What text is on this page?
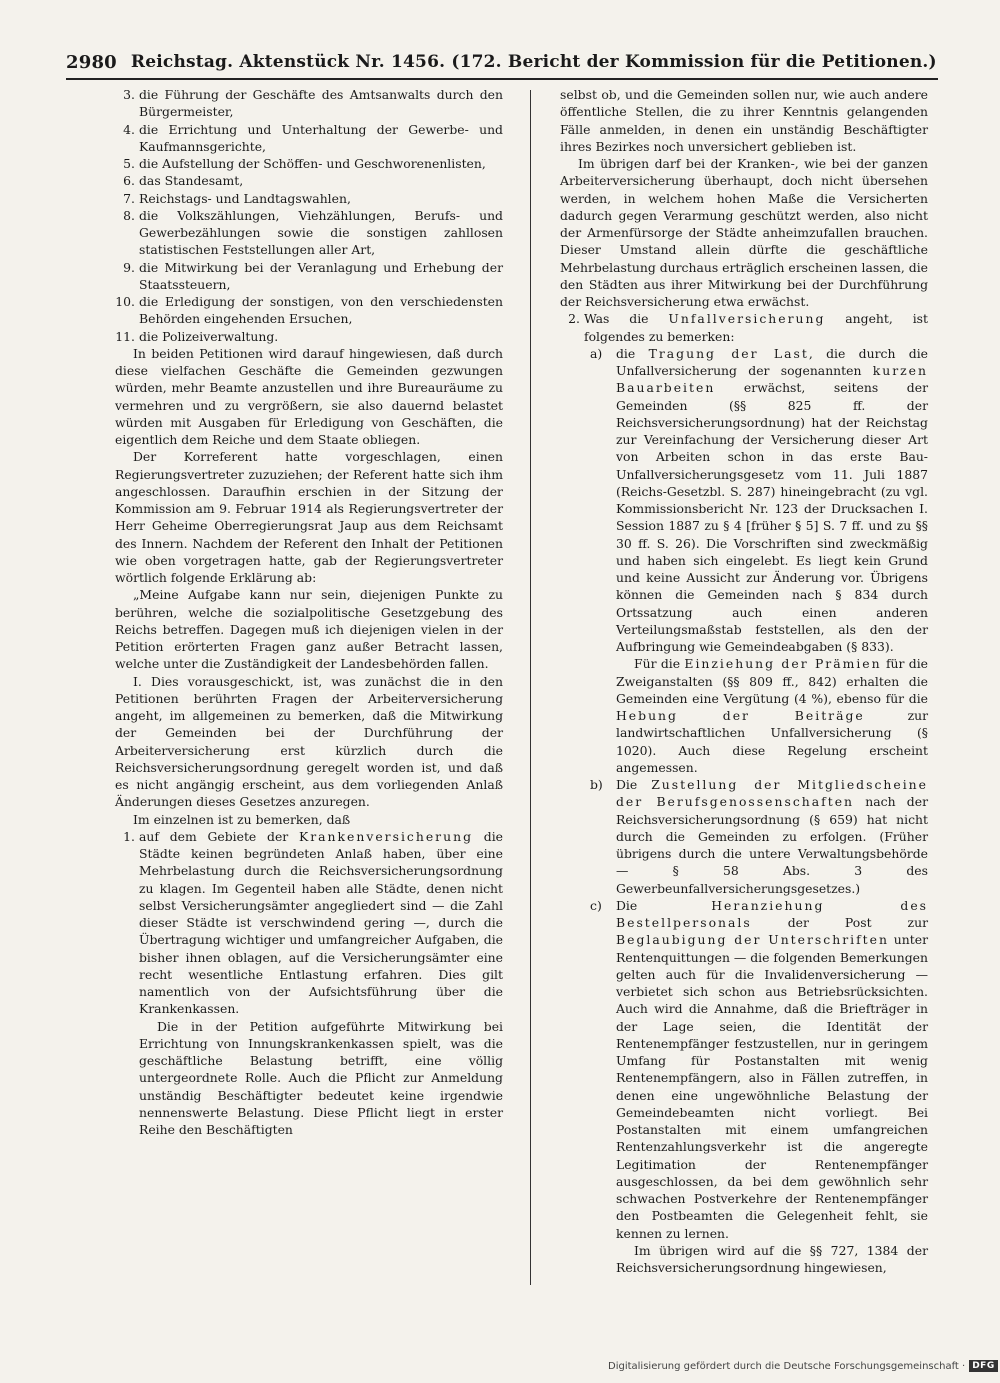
2980 Reichstag. Aktenstück Nr. 1456. (172. Bericht der Kommission für die Petitionen.)

3. die Führung der Geschäfte des Amtsanwalts durch den Bürgermeister,

4. die Errichtung und Unterhaltung der Gewerbe- und Kaufmannsgerichte,

5. die Aufstellung der Schöffen- und Geschworenenlisten,

6. das Standesamt,

7. Reichstags- und Landtagswahlen,

8. die Volkszählungen, Viehzählungen, Berufs- und Gewerbezählungen sowie die sonstigen zahllosen statistischen Feststellungen aller Art,

9. die Mitwirkung bei der Veranlagung und Erhebung der Staatssteuern,

10. die Erledigung der sonstigen, von den verschiedensten Behörden eingehenden Ersuchen,

11. die Polizeiverwaltung.

In beiden Petitionen wird darauf hingewiesen, daß durch diese vielfachen Geschäfte die Gemeinden gezwungen würden, mehr Beamte anzustellen und ihre Bureauräume zu vermehren und zu vergrößern, sie also dauernd belastet würden mit Ausgaben für Erledigung von Geschäften, die eigentlich dem Reiche und dem Staate obliegen.

Der Korreferent hatte vorgeschlagen, einen Regierungsvertreter zuzuziehen; der Referent hatte sich ihm angeschlossen. Daraufhin erschien in der Sitzung der Kommission am 9. Februar 1914 als Regierungsvertreter der Herr Geheime Oberregierungsrat Jaup aus dem Reichsamt des Innern. Nachdem der Referent den Inhalt der Petitionen wie oben vorgetragen hatte, gab der Regierungsvertreter wörtlich folgende Erklärung ab:

„Meine Aufgabe kann nur sein, diejenigen Punkte zu berühren, welche die sozialpolitische Gesetzgebung des Reichs betreffen. Dagegen muß ich diejenigen vielen in der Petition erörterten Fragen ganz außer Betracht lassen, welche unter die Zuständigkeit der Landesbehörden fallen.

I. Dies vorausgeschickt, ist, was zunächst die in den Petitionen berührten Fragen der Arbeiterversicherung angeht, im allgemeinen zu bemerken, daß die Mitwirkung der Gemeinden bei der Durchführung der Arbeiterversicherung erst kürzlich durch die Reichsversicherungsordnung geregelt worden ist, und daß es nicht angängig erscheint, aus dem vorliegenden Anlaß Änderungen dieses Gesetzes anzuregen.

Im einzelnen ist zu bemerken, daß

1. auf dem Gebiete der Krankenversicherung die Städte keinen begründeten Anlaß haben, über eine Mehrbelastung durch die Reichsversicherungsordnung zu klagen. Im Gegenteil haben alle Städte, denen nicht selbst Versicherungsämter angegliedert sind — die Zahl dieser Städte ist verschwindend gering —, durch die Übertragung wichtiger und umfangreicher Aufgaben, die bisher ihnen oblagen, auf die Versicherungsämter eine recht wesentliche Entlastung erfahren. Dies gilt namentlich von der Aufsichtsführung über die Krankenkassen.

Die in der Petition aufgeführte Mitwirkung bei Errichtung von Innungskrankenkassen spielt, was die geschäftliche Belastung betrifft, eine völlig untergeordnete Rolle. Auch die Pflicht zur Anmeldung unständig Beschäftigter bedeutet keine irgendwie nennenswerte Belastung. Diese Pflicht liegt in erster Reihe den Beschäftigten

selbst ob, und die Gemeinden sollen nur, wie auch andere öffentliche Stellen, die zu ihrer Kenntnis gelangenden Fälle anmelden, in denen ein unständig Beschäftigter ihres Bezirkes noch unversichert geblieben ist.

Im übrigen darf bei der Kranken-, wie bei der ganzen Arbeiterversicherung überhaupt, doch nicht übersehen werden, in welchem hohen Maße die Versicherten dadurch gegen Verarmung geschützt werden, also nicht der Armenfürsorge der Städte anheimzufallen brauchen. Dieser Umstand allein dürfte die geschäftliche Mehrbelastung durchaus erträglich erscheinen lassen, die den Städten aus ihrer Mitwirkung bei der Durchführung der Reichsversicherung etwa erwächst.

2. Was die Unfallversicherung angeht, ist folgendes zu bemerken:

a) die Tragung der Last, die durch die Unfallversicherung der sogenannten kurzen Bauarbeiten erwächst, seitens der Gemeinden (§§ 825 ff. der Reichsversicherungsordnung) hat der Reichstag zur Vereinfachung der Versicherung dieser Art von Arbeiten schon in das erste Bau-Unfallversicherungsgesetz vom 11. Juli 1887 (Reichs-Gesetzbl. S. 287) hineingebracht (zu vgl. Kommissionsbericht Nr. 123 der Drucksachen I. Session 1887 zu § 4 [früher § 5] S. 7 ff. und zu §§ 30 ff. S. 26). Die Vorschriften sind zweckmäßig und haben sich eingelebt. Es liegt kein Grund und keine Aussicht zur Änderung vor. Übrigens können die Gemeinden nach § 834 durch Ortssatzung auch einen anderen Verteilungsmaßstab feststellen, als den der Aufbringung wie Gemeindeabgaben (§ 833).

Für die Einziehung der Prämien für die Zweiganstalten (§§ 809 ff., 842) erhalten die Gemeinden eine Vergütung (4 %), ebenso für die Hebung der Beiträge zur landwirtschaftlichen Unfallversicherung (§ 1020). Auch diese Regelung erscheint angemessen.

b) Die Zustellung der Mitgliedscheine der Berufsgenossenschaften nach der Reichsversicherungsordnung (§ 659) hat nicht durch die Gemeinden zu erfolgen. (Früher übrigens durch die untere Verwaltungsbehörde — § 58 Abs. 3 des Gewerbeunfallversicherungsgesetzes.)

c) Die Heranziehung des Bestellpersonals der Post zur Beglaubigung der Unterschriften unter Rentenquittungen — die folgenden Bemerkungen gelten auch für die Invalidenversicherung — verbietet sich schon aus Betriebsrücksichten. Auch wird die Annahme, daß die Briefträger in der Lage seien, die Identität der Rentenempfänger festzustellen, nur in geringem Umfang für Postanstalten mit wenig Rentenempfängern, also in Fällen zutreffen, in denen eine ungewöhnliche Belastung der Gemeindebeamten nicht vorliegt. Bei Postanstalten mit einem umfangreichen Rentenzahlungsverkehr ist die angeregte Legitimation der Rentenempfänger ausgeschlossen, da bei dem gewöhnlich sehr schwachen Postverkehre der Rentenempfänger den Postbeamten die Gelegenheit fehlt, sie kennen zu lernen.

Im übrigen wird auf die §§ 727, 1384 der Reichsversicherungsordnung hingewiesen,

Digitalisierung gefördert durch die Deutsche Forschungsgemeinschaft · DFG
